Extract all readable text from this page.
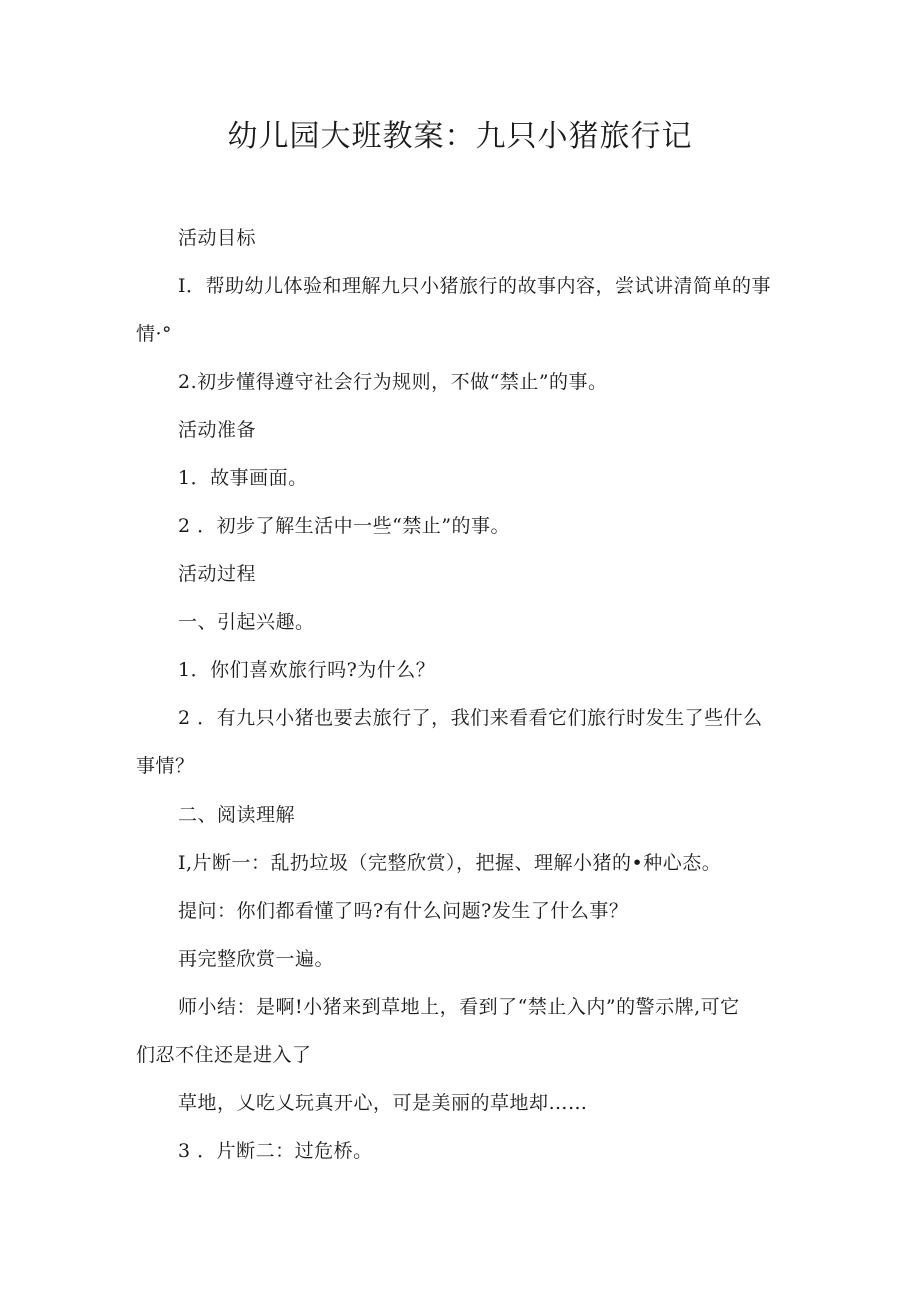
幼儿园大班教案：九只小猪旅行记
活动目标
I．帮助幼儿体验和理解九只小猪旅行的故事内容，尝试讲清简单的事
情·°
2.初步懂得遵守社会行为规则，不做“禁止”的事。
活动准备
1．故事画面。
2 ．初步了解生活中一些“禁止”的事。
活动过程
一、引起兴趣。
1．你们喜欢旅行吗?为什么？
2 ．有九只小猪也要去旅行了，我们来看看它们旅行时发生了些什么
事情？
二、阅读理解
I,片断一：乱扔垃圾（完整欣赏），把握、理解小猪的•种心态。
提问：你们都看懂了吗?有什么问题?发生了什么事？
再完整欣赏一遍。
师小结：是啊!小猪来到草地上，看到了“禁止入内”的警示牌,可它
们忍不住还是进入了
草地，乂吃乂玩真开心，可是美丽的草地却……
3 ．片断二：过危桥。
